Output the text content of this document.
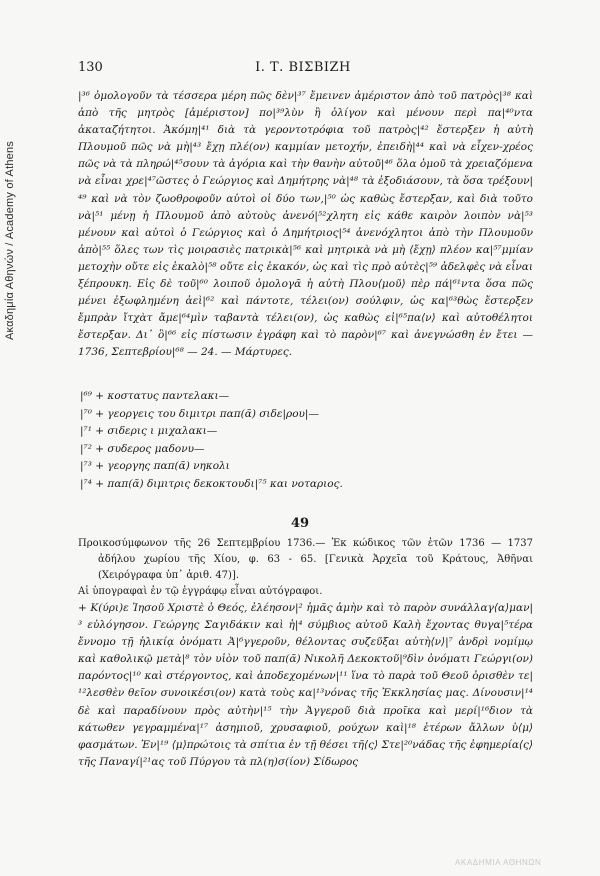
Ακαδημία Αθηνών / Academy of Athens
130	Ι. Τ. ΒΙΣΒΙΖΗ

|³⁶ ὁμολογοῦν τὰ τέσσερα μέρη πῶς δὲν|³⁷ ἔμεινεν ἀμέριστον ἀπὸ τοῦ πατρὸς|³⁸ καὶ ἀπὸ τῆς μητρὸς [ἀμέριστον] πο|³⁹λὺν ἢ ὀλίγον καὶ μένουν περὶ πα|⁴⁰ντα ἀκαταζήτητοι. Ἀκόμη|⁴¹ διὰ τὰ γεροντοτρόφια τοῦ πατρὸς|⁴² ἔστερξεν ἡ αὐτὴ Πλουμοῦ πῶς νὰ μὴ|⁴³ ἔχῃ πλέ(ον) καμμίαν μετοχήν, ἐπειδὴ|⁴⁴ καὶ νὰ εἶχεν-χρέος πῶς νὰ τὰ πληρώ|⁴⁵σουν τὰ ἀγόρια καὶ τὴν θανὴν αὐτοῦ|⁴⁶ ὅλα ὁμοῦ τὰ χρειαζόμενα νὰ εἶναι χρε|⁴⁷ῶστες ὁ Γεώργιος καὶ Δημήτρης νὰ|⁴⁸ τὰ ἐξοδιάσουν, τὰ ὅσα τρέξουν|⁴⁹ καὶ νὰ τὸν ζωοθροφοῦν αὐτοὶ οἱ δύο των,|⁵⁰ ὡς καθὼς ἔστερξαν, καὶ διὰ τοῦτο νὰ|⁵¹ μένῃ ἡ Πλουμοῦ ἀπὸ αὐτοὺς ἀνενό|⁵²χλητη εἰς κάθε καιρὸν λοιπὸν νὰ|⁵³ μένουν καὶ αὐτοὶ ὁ Γεώργιος καὶ ὁ Δημήτριος|⁵⁴ ἀνενόχλητοι ἀπὸ τὴν Πλουμοῦν ἀπὸ|⁵⁵ ὅλες των τὶς μοιρασιὲς πατρικὰ|⁵⁶ καὶ μητρικὰ νὰ μὴ ⟨ἔχῃ⟩ πλέον κα|⁵⁷μμίαν μετοχὴν οὔτε εἰς ἑκαλὸ|⁵⁸ οὔτε εἰς ἑκακόν, ὡς καὶ τὶς πρὸ αὐτὲς|⁵⁹ ἀδελφὲς νὰ εἶναι ξέπρουκη. Εἰς δὲ τοῦ|⁶⁰ λοιποῦ ὁμολογᾶ ἡ αὐτὴ Πλου⟨μοῦ⟩ πὲρ πά|⁶¹ντα ὅσα πῶς μένει ἐξωφλημένη ἀεὶ|⁶² καὶ πάντοτε, τέλει(ον) σούλφιν, ὡς κα|⁶³θὼς ἔστερξεν ἔμπρὰν ἴτχὰτ ἄμε|⁶⁴μὶν ταβαντὰ τέλει(ον), ὡς καθὼς εἰ|⁶⁵πα⟨ν⟩ καὶ αὐτοθέλητοι ἔστερξαν. Δι᾽ ὃ|⁶⁶ εἰς πίστωσιν ἐγράφη καὶ τὸ παρὸν|⁶⁷ καὶ ἀνεγνώσθη ἐν ἔτει — 1736, Σεπτεβρίου|⁶⁸ — 24. — Μάρτυρες.

|⁶⁹ + κοστατυς παντελακι—
|⁷⁰ + γεοργεις του διμιτρι παπ(ᾶ) σιδε|ρου|—
|⁷¹ + σιδερις ι μιχαλακι—
|⁷² + συδερος μαδονυ—
|⁷³ + γεοργης παπ(ᾶ) νηκολι
|⁷⁴ + παπ(ᾶ) διμιτρις δεκοκτουδι|⁷⁵ και νοταριος.
49
Προικοσύμφωνον τῆς 26 Σεπτεμβρίου 1736.— Ἐκ κώδικος τῶν ἐτῶν 1736 — 1737 ἀδήλου χωρίου τῆς Χίου, φ. 63 - 65. [Γενικὰ Ἀρχεῖα τοῦ Κράτους, Ἀθῆναι (Χειρόγραφα ὑπ᾽ ἀριθ. 47)].
Αἱ ὑπογραφαὶ ἐν τῷ ἐγγράφῳ εἶναι αὐτόγραφοι.

+ Κ(ύρι)ε Ἰησοῦ Χριστὲ ὁ Θεός, ἐλέησον|² ἡμᾶς ἀμὴν καὶ τὸ παρὸν συνάλλαγ⟨α⟩μαν|³ εὐλόγησον. Γεώργης Σαγιδάκιν καὶ ἡ|⁴ σύμβιος αὐτοῦ Καλὴ ἔχοντας θυγα|⁵τέρα ἔννομο τῇ ἡλικίᾳ ὀνόματι Ἀ|⁶γγεροῦν, θέλοντας συζεῦξαι αὐτὴ⟨ν⟩|⁷ ἀνδρὶ νομίμῳ καὶ καθολικῷ μετὰ|⁸ τὸν υἱὸν τοῦ παπ(ᾶ) Νικολῆ Δεκοκτοῦ|⁹δὶν ὀνόματι Γεώργι(ον) παρόντος|¹⁰ καὶ στέργοντος, καὶ ἀποδεχομένων|¹¹ ἵνα τὸ παρὰ τοῦ Θεοῦ ὁρισθὲν τε|¹²λεσθὲν θεῖον συνοικέσι(ον) κατὰ τοὺς κα|¹³νόνας τῆς Ἐκκλησίας μας. Δίνουσιν|¹⁴ δὲ καὶ παραδίνουν πρὸς αὐτὴν|¹⁵ τὴν Ἀγγεροῦ διὰ προῖκα καὶ μερί|¹⁶διον τὰ κάτωθεν γεγραμμένα|¹⁷ ἀσημιοῦ, χρυσαφιοῦ, ρούχων καὶ|¹⁸ ἑτέρων ἄλλων ὑ⟨μ⟩φασμάτων. Ἐν|¹⁹ ⟨μ⟩πρώτοις τὰ σπίτια ἐν τῇ θέσει τῆ⟨ς⟩ Στε|²⁰νάδας τῆς ἐφημερία⟨ς⟩ τῆς Παναγί|²¹ας τοῦ Πύργου τὰ πλ(η)σ(ίον) Σίδωρος

ΑΚΑΔΗΜΙΑ ΑΘΗΝΩΝ
